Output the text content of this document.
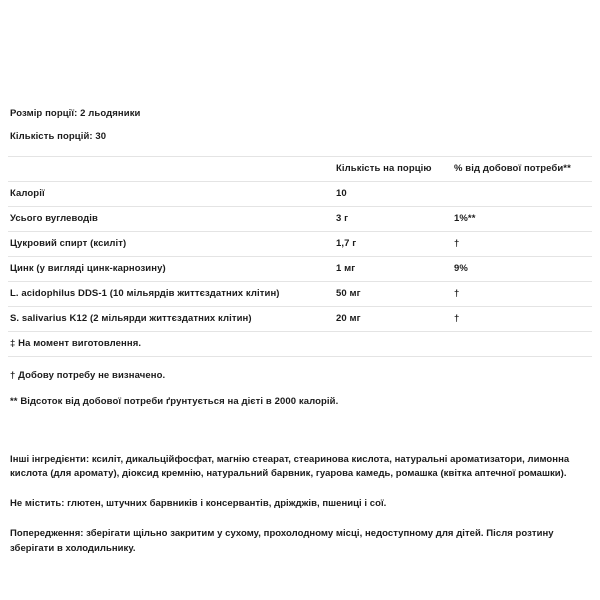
Розмір порції: 2 льодяники
Кількість порцій: 30
	Кількість на порцію	% від добової потреби**
Калорії	10	
Усього вуглеводів	3 г	1%**
Цукровий спирт (ксиліт)	1,7 г	†
Цинк (у вигляді цинк-карнозину)	1 мг	9%
L. acidophilus DDS-1 (10 мільярдів життєздатних клітин)	50 мг	†
S. salivarius K12 (2 мільярди життєздатних клітин)	20 мг	†
‡ На момент виготовлення.		
† Добову потребу не визначено.
** Відсоток від добової потреби ґрунтується на дієті в 2000 калорій.
Інші інгредієнти: ксиліт, дикальційфосфат, магнію стеарат, стеаринова кислота, натуральні ароматизатори, лимонна кислота (для аромату), діоксид кремнію, натуральний барвник, гуарова камедь, ромашка (квітка аптечної ромашки).
Не містить: глютен, штучних барвників і консервантів, дріжджів, пшениці і сої.
Попередження: зберігати щільно закритим у сухому, прохолодному місці, недоступному для дітей. Після розтину зберігати в холодильнику.
